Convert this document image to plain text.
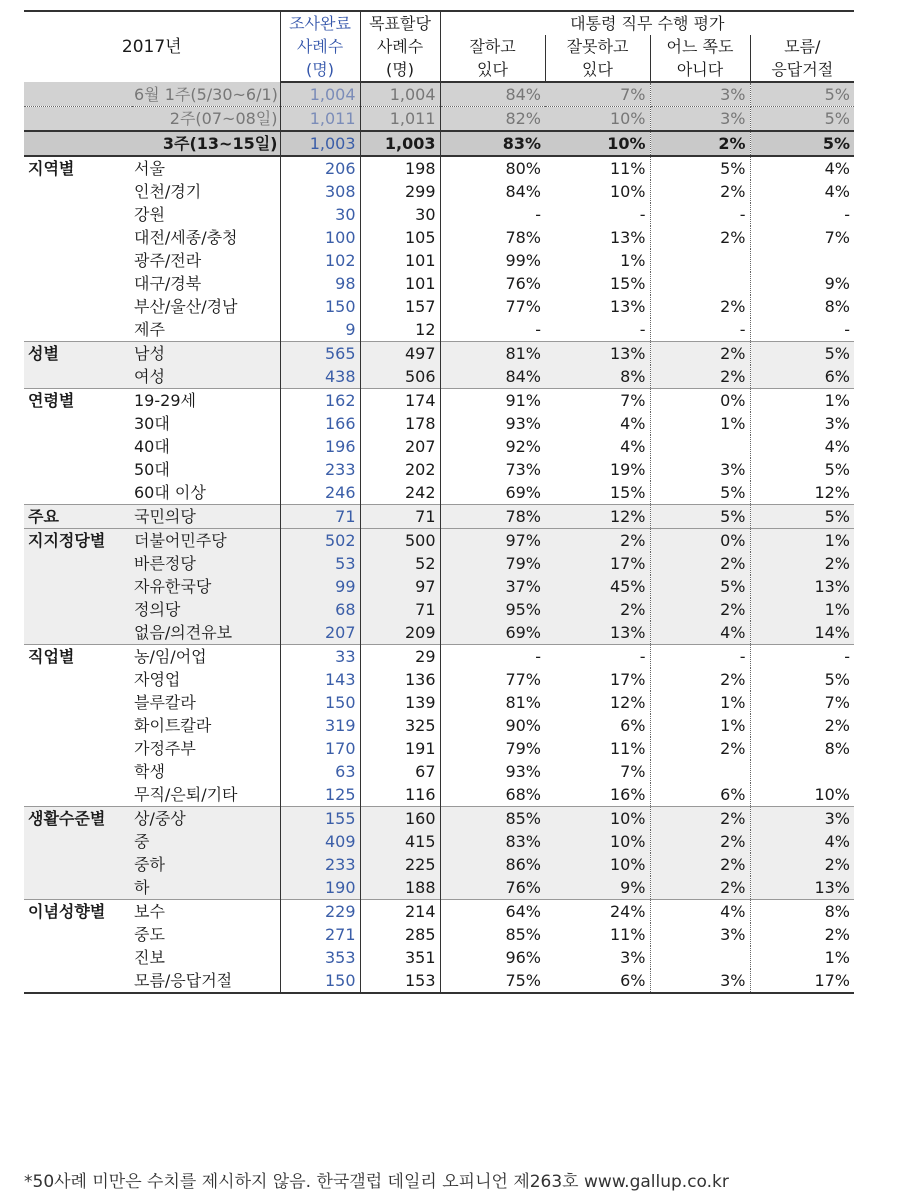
2017년		조사완료	목표할당	대통령 직무 수행 평가			
		사례수	사례수	잘하고	잘못하고	어느 쪽도	모름/
		(명)	(명)	있다	있다	아니다	응답거절
	6월 1주(5/30~6/1)	1,004	1,004	84%	7%	3%	5%
	2주(07~08일)	1,011	1,011	82%	10%	3%	5%
	3주(13~15일)	1,003	1,003	83%	10%	2%	5%
지역별	서울	206	198	80%	11%	5%	4%
	인천/경기	308	299	84%	10%	2%	4%
	강원	30	30	-	-	-	-
	대전/세종/충청	100	105	78%	13%	2%	7%
	광주/전라	102	101	99%	1%		
	대구/경북	98	101	76%	15%		9%
	부산/울산/경남	150	157	77%	13%	2%	8%
	제주	9	12	-	-	-	-
성별	남성	565	497	81%	13%	2%	5%
	여성	438	506	84%	8%	2%	6%
연령별	19-29세	162	174	91%	7%	0%	1%
	30대	166	178	93%	4%	1%	3%
	40대	196	207	92%	4%		4%
	50대	233	202	73%	19%	3%	5%
	60대 이상	246	242	69%	15%	5%	12%
주요	국민의당	71	71	78%	12%	5%	5%
지지정당별	더불어민주당	502	500	97%	2%	0%	1%
	바른정당	53	52	79%	17%	2%	2%
	자유한국당	99	97	37%	45%	5%	13%
	정의당	68	71	95%	2%	2%	1%
	없음/의견유보	207	209	69%	13%	4%	14%
직업별	농/임/어업	33	29	-	-	-	-
	자영업	143	136	77%	17%	2%	5%
	블루칼라	150	139	81%	12%	1%	7%
	화이트칼라	319	325	90%	6%	1%	2%
	가정주부	170	191	79%	11%	2%	8%
	학생	63	67	93%	7%		
	무직/은퇴/기타	125	116	68%	16%	6%	10%
생활수준별	상/중상	155	160	85%	10%	2%	3%
	중	409	415	83%	10%	2%	4%
	중하	233	225	86%	10%	2%	2%
	하	190	188	76%	9%	2%	13%
이념성향별	보수	229	214	64%	24%	4%	8%
	중도	271	285	85%	11%	3%	2%
	진보	353	351	96%	3%		1%
	모름/응답거절	150	153	75%	6%	3%	17%
*50사례 미만은 수치를 제시하지 않음. 한국갤럽 데일리 오피니언 제263호 www.gallup.co.kr
